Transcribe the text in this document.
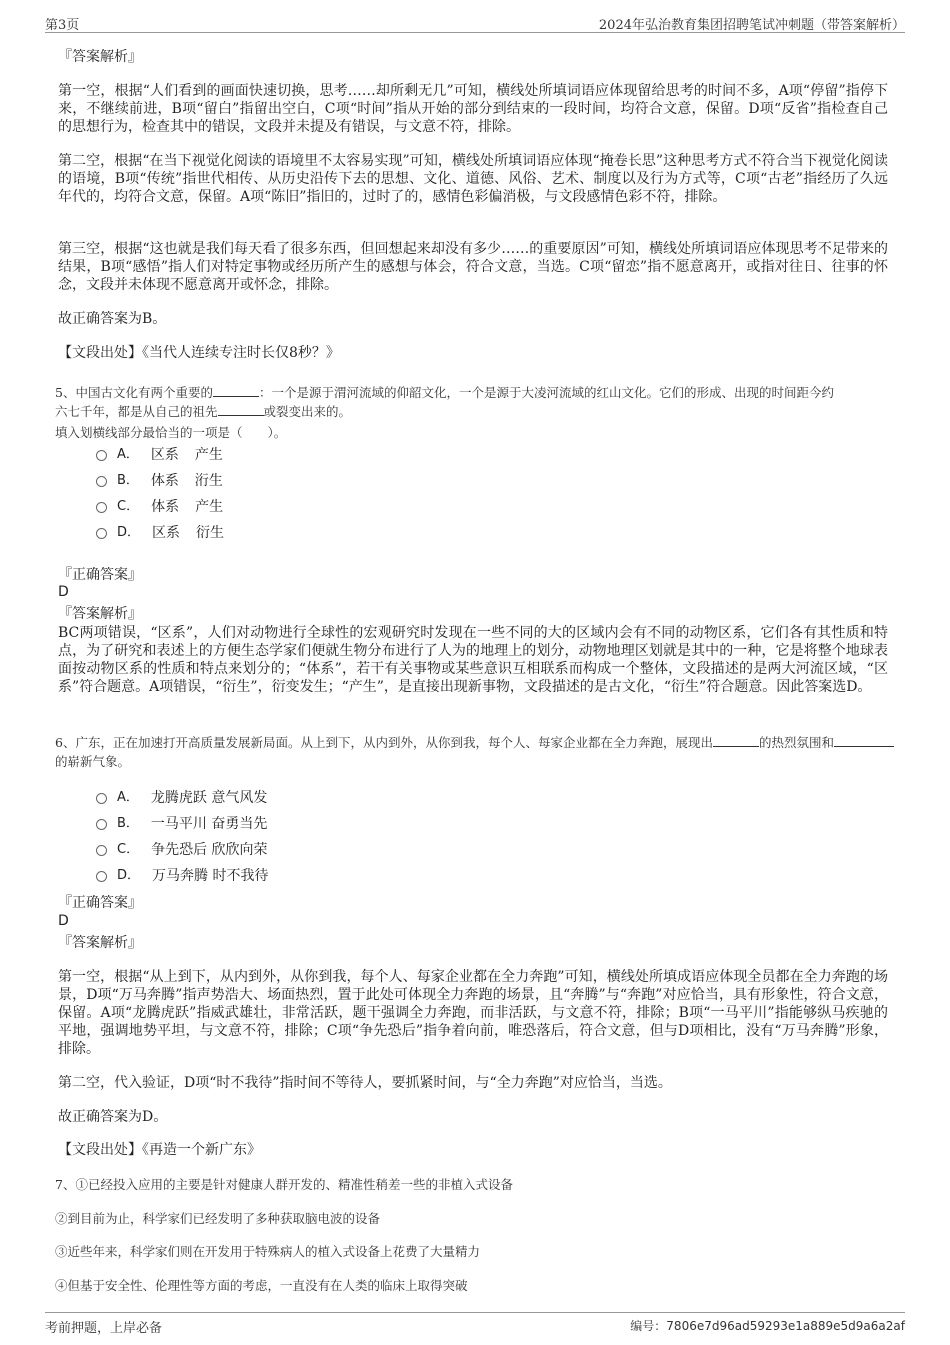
第3页	2024年弘治教育集团招聘笔试冲刺题（带答案解析）
『答案解析』
第一空，根据“人们看到的画面快速切换，思考……却所剩无几”可知，横线处所填词语应体现留给思考的时间不多，A项“停留”指停下来，不继续前进，B项“留白”指留出空白，C项“时间”指从开始的部分到结束的一段时间，均符合文意，保留。D项“反省”指检查自己的思想行为，检查其中的错误，文段并未提及有错误，与文意不符，排除。
第二空，根据“在当下视觉化阅读的语境里不太容易实现”可知，横线处所填词语应体现“掩卷长思”这种思考方式不符合当下视觉化阅读的语境，B项“传统”指世代相传、从历史沿传下去的思想、文化、道德、风俗、艺术、制度以及行为方式等，C项“古老”指经历了久远年代的，均符合文意，保留。A项“陈旧”指旧的，过时了的，感情色彩偏消极，与文段感情色彩不符，排除。
第三空，根据“这也就是我们每天看了很多东西，但回想起来却没有多少……的重要原因”可知，横线处所填词语应体现思考不足带来的结果，B项“感悟”指人们对特定事物或经历所产生的感想与体会，符合文意，当选。C项“留恋”指不愿意离开，或指对往日、往事的怀念，文段并未体现不愿意离开或怀念，排除。
故正确答案为B。
【文段出处】《当代人连续专注时长仅8秒？》
5、中国古文化有两个重要的	：一个是源于渭河流域的仰韶文化，一个是源于大凌河流域的红山文化。它们的形成、出现的时间距今约
六七千年，都是从自己的祖先	或裂变出来的。
填入划横线部分最恰当的一项是（　　）。
A． 区系 产生
B． 体系 洐生
C． 体系 产生
D． 区系 衍生
『正确答案』
D
『答案解析』
BC两项错误，“区系”，人们对动物进行全球性的宏观研究时发现在一些不同的大的区域内会有不同的动物区系，它们各有其性质和特点，为了研究和表述上的方便生态学家们便就生物分布进行了人为的地理上的划分，动物地理区划就是其中的一种，它是将整个地球表面按动物区系的性质和特点来划分的；“体系”，若干有关事物或某些意识互相联系而构成一个整体，文段描述的是两大河流区域，“区系”符合题意。A项错误，“衍生”，衍变发生；“产生”，是直接出现新事物，文段描述的是古文化，“衍生”符合题意。因此答案选D。
6、广东，正在加速打开高质量发展新局面。从上到下，从内到外，从你到我，每个人、每家企业都在全力奔跑，展现出	的热烈氛围和的崭新气象。
A． 龙腾虎跃 意气风发
B． 一马平川 奋勇当先
C． 争先恐后 欣欣向荣
D． 万马奔腾 时不我待
『正确答案』
D
『答案解析』
第一空，根据“从上到下，从内到外，从你到我，每个人、每家企业都在全力奔跑”可知，横线处所填成语应体现全员都在全力奔跑的场景，D项“万马奔腾”指声势浩大、场面热烈，置于此处可体现全力奔跑的场景，且“奔腾”与“奔跑”对应恰当，具有形象性，符合文意，保留。A项“龙腾虎跃”指威武雄壮，非常活跃，题干强调全力奔跑，而非活跃，与文意不符，排除；B项“一马平川”指能够纵马疾驰的平地，强调地势平坦，与文意不符，排除；C项“争先恐后”指争着向前，唯恐落后，符合文意，但与D项相比，没有“万马奔腾”形象，排除。
第二空，代入验证，D项“时不我待”指时间不等待人，要抓紧时间，与“全力奔跑”对应恰当，当选。
故正确答案为D。
【文段出处】《再造一个新广东》
7、①已经投入应用的主要是针对健康人群开发的、精准性稍差一些的非植入式设备
②到目前为止，科学家们已经发明了多种获取脑电波的设备
③近些年来，科学家们则在开发用于特殊病人的植入式设备上花费了大量精力
④但基于安全性、伦理性等方面的考虑，一直没有在人类的临床上取得突破
考前押题，上岸必备	编号：7806e7d96ad59293e1a889e5d9a6a2af
